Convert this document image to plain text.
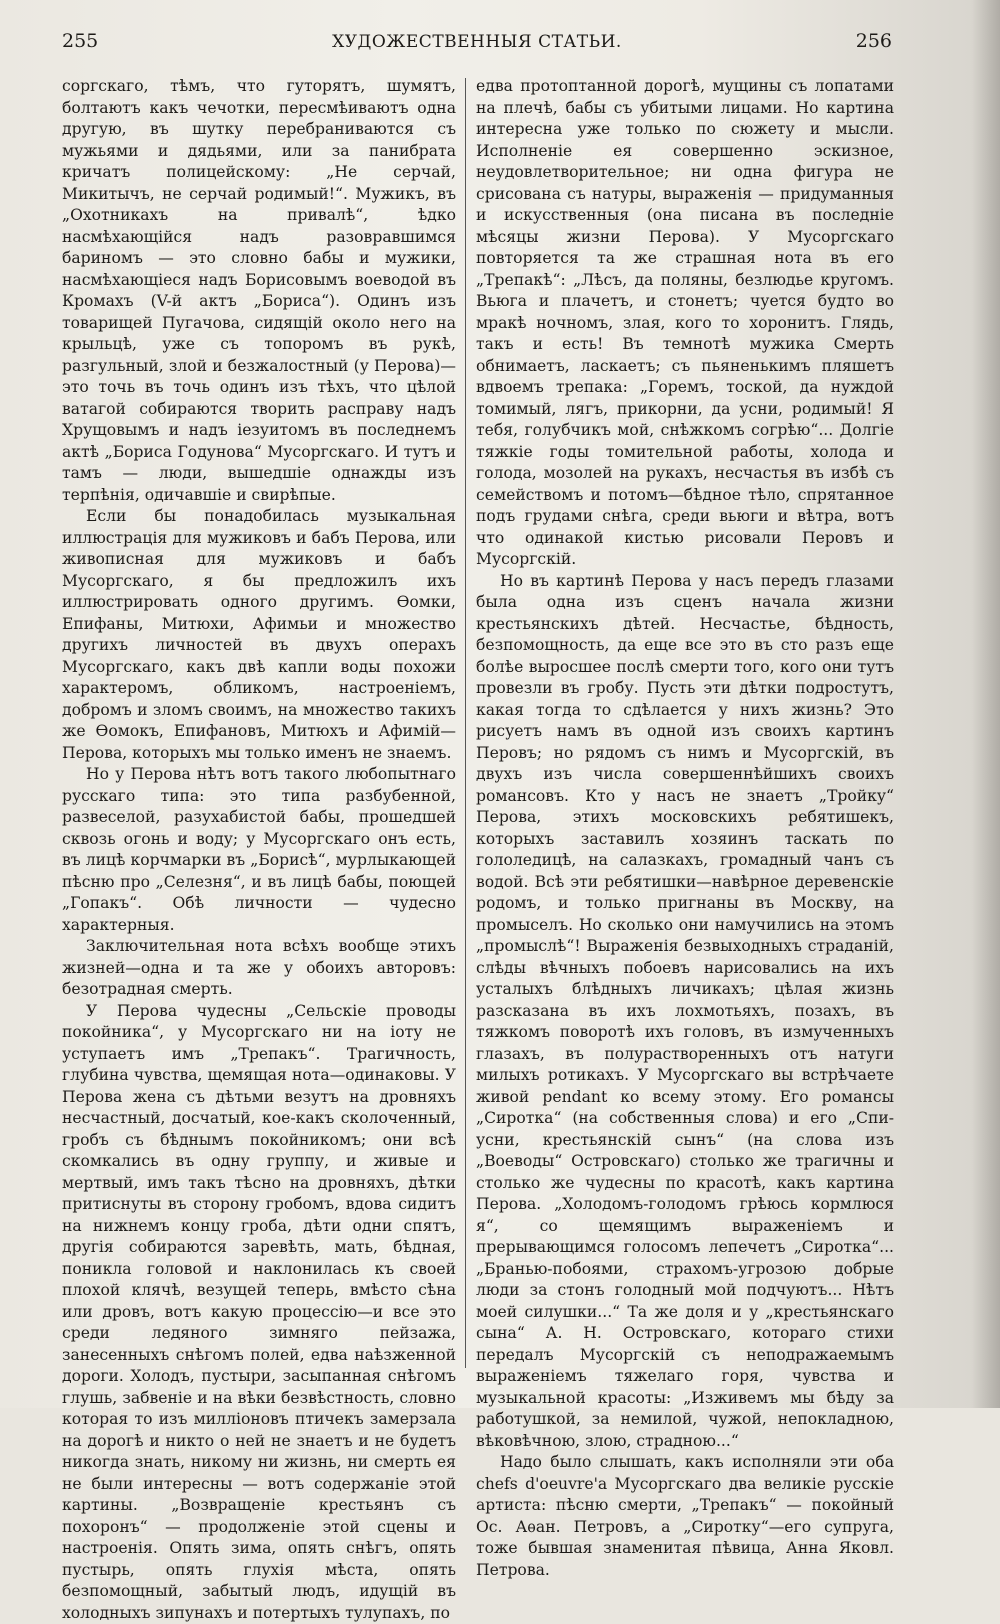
255	ХУДОЖЕСТВЕННЫЯ СТАТЬИ.	256

соргскаго, тѣмъ, что гуторятъ, шумятъ, болтаютъ какъ чечотки, пересмѣиваютъ одна другую, въ шутку перебраниваются съ мужьями и дядьями, или за панибрата кричатъ полицейскому: „Не серчай, Микитычъ, не серчай родимый!“. Мужикъ, въ „Охотникахъ на привалѣ“, ѣдко насмѣхающійся надъ разоврaвшимся бариномъ — это словно бабы и мужики, насмѣхающіеся надъ Борисовымъ воеводой въ Кромахъ (V-й актъ „Бориса“). Одинъ изъ товарищей Пугачова, сидящій около него на крыльцѣ, уже съ топоромъ въ рукѣ, разгульный, злой и безжалостный (у Перова)—это точь въ точь одинъ изъ тѣхъ, что цѣлой ватагой собираются творить расправу надъ Хрущовымъ и надъ іезуитомъ въ последнемъ актѣ „Бориса Годунова“ Мусоргскаго. И тутъ и тамъ — люди, вышедшіе однажды изъ терпѣнія, одичавшіе и свирѣпые.

Если бы понадобилась музыкальная иллюстрація для мужиковъ и бабъ Перова, или живописная для мужиковъ и бабъ Мусоргскаго, я бы предложилъ ихъ иллюстрировать одного другимъ. Ѳомки, Епифаны, Митюхи, Афимьи и множество другихъ личностей въ двухъ операхъ Мусоргскаго, какъ двѣ капли воды похожи характеромъ, обликомъ, настроеніемъ, добромъ и зломъ своимъ, на множество такихъ же Ѳомокъ, Епифановъ, Митюхъ и Афимій—Перова, которыхъ мы только именъ не знаемъ.

Но у Перова нѣтъ вотъ такого любопытнаго русскаго типа: это типа разбубенной, развеселой, разухабистой бабы, прошедшей сквозь огонь и воду; у Мусоргскаго онъ есть, въ лицѣ корчмарки въ „Борисѣ“, мурлыкающей пѣсню про „Селезня“, и въ лицѣ бабы, поющей „Гопакъ“. Обѣ личности — чудесно характерныя.

Заключительная нота всѣхъ вообще этихъ жизней—одна и та же у обоихъ авторовъ: безотрадная смерть.

У Перова чудесны „Сельскіе проводы покойника“, у Мусоргскаго ни на іоту не уступаетъ имъ „Трепакъ“. Трагичность, глубина чувства, щемящая нота—одинаковы. У Перова жена съ дѣтьми везутъ на дровняхъ несчастный, досчатый, кое-какъ сколоченный, гробъ съ бѣднымъ покойникомъ; они всѣ скомкались въ одну группу, и живые и мертвый, имъ такъ тѣсно на дровняхъ, дѣтки притиснуты въ сторону гробомъ, вдова сидитъ на нижнемъ концу гроба, дѣти одни спятъ, другія собираются заревѣть, мать, бѣдная, поникла головой и наклонилась къ своей плохой клячѣ, везущей теперь, вмѣсто сѣна или дровъ, вотъ какую процессію—и все это среди ледяного зимняго пейзажа, занесенныхъ снѣгомъ полей, едва наѣзженной дороги. Холодъ, пустыри, засыпанная снѣгомъ глушь, забвеніе и на вѣки безвѣстность, словно которая то изъ милліоновъ птичекъ замерзала на дорогѣ и никто о ней не знаетъ и не будетъ никогда знать, никому ни жизнь, ни смерть ея не были интересны — вотъ содержаніе этой картины. „Возвращеніе крестьянъ съ похоронъ“ — продолженіе этой сцены и настроенія. Опять зима, опять снѣгъ, опять пустырь, опять глухія мѣста, опять безпомощный, забытый людъ, идущій въ холодныхъ зипунахъ и потертыхъ тулупахъ, по

едва протоптанной дорогѣ, мущины съ лопатами на плечѣ, бабы съ убитыми лицами. Но картина интересна уже только по сюжету и мысли. Исполненіе ея совершенно эскизное, неудовлетворительное; ни одна фигура не срисована съ натуры, выраженія — придуманныя и искусственныя (она писана въ последніе мѣсяцы жизни Перова). У Мусоргскаго повторяется та же страшная нота въ его „Трепакѣ“: „Лѣсъ, да поляны, безлюдье кругомъ. Вьюга и плачетъ, и стонетъ; чуется будто во мракѣ ночномъ, злая, кого то хоронитъ. Глядь, такъ и есть! Въ темнотѣ мужика Смерть обнимаетъ, ласкаетъ; съ пьяненькимъ пляшетъ вдвоемъ трепака: „Горемъ, тоской, да нуждой томимый, лягъ, прикорни, да усни, родимый! Я тебя, голубчикъ мой, снѣжкомъ согрѣю“... Долгіе тяжкіе годы томительной работы, холода и голода, мозолей на рукахъ, несчастья въ избѣ съ семействомъ и потомъ—бѣдное тѣло, спрятанное подъ грудами снѣга, среди вьюги и вѣтра, вотъ что одинакой кистью рисовали Перовъ и Мусоргскій.

Но въ картинѣ Перова у насъ передъ глазами была одна изъ сценъ начала жизни крестьянскихъ дѣтей. Несчастье, бѣдность, безпомощность, да еще все это въ сто разъ еще болѣе выросшее послѣ смерти того, кого они тутъ провезли въ гробу. Пусть эти дѣтки подростутъ, какая тогда то сдѣлается у нихъ жизнь? Это рисуетъ намъ въ одной изъ своихъ картинъ Перовъ; но рядомъ съ нимъ и Мусоргскій, въ двухъ изъ числа совершеннѣйшихъ своихъ романсовъ. Кто у насъ не знаетъ „Тройку“ Перова, этихъ московскихъ ребятишекъ, которыхъ заставилъ хозяинъ таскать по гололедицѣ, на салазкахъ, громадный чанъ съ водой. Всѣ эти ребятишки—навѣрное деревенскіе родомъ, и только пригнаны въ Москву, на промыселъ. Но сколько они намучились на этомъ „промыслѣ“! Выраженія безвыходныхъ страданій, слѣды вѣчныхъ побоевъ нарисовались на ихъ усталыхъ блѣдныхъ личикахъ; цѣлая жизнь разсказана въ ихъ лохмотьяхъ, позахъ, въ тяжкомъ поворотѣ ихъ головъ, въ измученныхъ глазахъ, въ полурастворенныхъ отъ натуги милыхъ ротикахъ. У Мусоргскаго вы встрѣчаете живой pendant ко всему этому. Его романсы „Сиротка“ (на собственныя слова) и его „Спи-усни, крестьянскій сынъ“ (на слова изъ „Воеводы“ Островскаго) столько же трагичны и столько же чудесны по красотѣ, какъ картина Перова. „Холодомъ-голодомъ грѣюсь кормлюся я“, со щемящимъ выраженіемъ и прерывающимся голосомъ лепечетъ „Сиротка“... „Бранью-побоями, страхомъ-угрозою добрые люди за стонъ голодный мой подчуютъ... Нѣтъ моей силушки...“ Та же доля и у „крестьянскаго сына“ А. Н. Островскаго, котораго стихи передалъ Мусоргскій съ неподражаемымъ выраженіемъ тяжелаго горя, чувства и музыкальной красоты: „Изживемъ мы бѣду за работушкой, за немилой, чужой, непокладною, вѣковѣчною, злою, страдною...“

Надо было слышать, какъ исполняли эти оба chefs d'oeuvre'а Мусоргскаго два великіе русскіе артиста: пѣсню смерти, „Трепакъ“ — покойный Ос. Аѳан. Петровъ, а „Сиротку“—его супруга, тоже бывшая знаменитая пѣвица, Анна Яковл. Петрова.
